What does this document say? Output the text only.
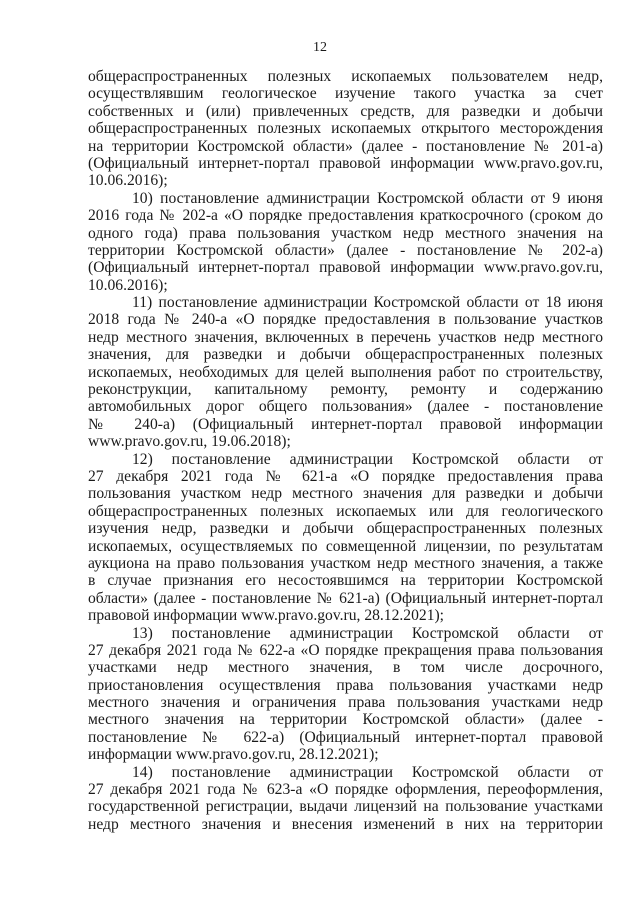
12
общераспространенных полезных ископаемых пользователем недр,
осуществлявшим геологическое изучение такого участка за счет
собственных и (или) привлеченных средств, для разведки и добычи
общераспространенных полезных ископаемых открытого месторождения
на территории Костромской области» (далее - постановление № 201-а)
(Официальный интернет-портал правовой информации www.pravo.gov.ru,
10.06.2016);
10) постановление администрации Костромской области от 9 июня
2016 года № 202-а «О порядке предоставления краткосрочного (сроком до
одного года) права пользования участком недр местного значения на
территории Костромской области» (далее - постановление № 202-а)
(Официальный интернет-портал правовой информации www.pravo.gov.ru,
10.06.2016);
11) постановление администрации Костромской области от 18 июня
2018 года № 240-а «О порядке предоставления в пользование участков
недр местного значения, включенных в перечень участков недр местного
значения, для разведки и добычи общераспространенных полезных
ископаемых, необходимых для целей выполнения работ по строительству,
реконструкции, капитальному ремонту, ремонту и содержанию
автомобильных дорог общего пользования» (далее - постановление
№ 240-а) (Официальный интернет-портал правовой информации
www.pravo.gov.ru, 19.06.2018);
12) постановление администрации Костромской области от
27 декабря 2021 года № 621-а «О порядке предоставления права
пользования участком недр местного значения для разведки и добычи
общераспространенных полезных ископаемых или для геологического
изучения недр, разведки и добычи общераспространенных полезных
ископаемых, осуществляемых по совмещенной лицензии, по результатам
аукциона на право пользования участком недр местного значения, а также
в случае признания его несостоявшимся на территории Костромской
области» (далее - постановление № 621-а) (Официальный интернет-портал
правовой информации www.pravo.gov.ru, 28.12.2021);
13) постановление администрации Костромской области от
27 декабря 2021 года № 622-а «О порядке прекращения права пользования
участками недр местного значения, в том числе досрочного,
приостановления осуществления права пользования участками недр
местного значения и ограничения права пользования участками недр
местного значения на территории Костромской области» (далее -
постановление № 622-а) (Официальный интернет-портал правовой
информации www.pravo.gov.ru, 28.12.2021);
14) постановление администрации Костромской области от
27 декабря 2021 года № 623-а «О порядке оформления, переоформления,
государственной регистрации, выдачи лицензий на пользование участками
недр местного значения и внесения изменений в них на территории
